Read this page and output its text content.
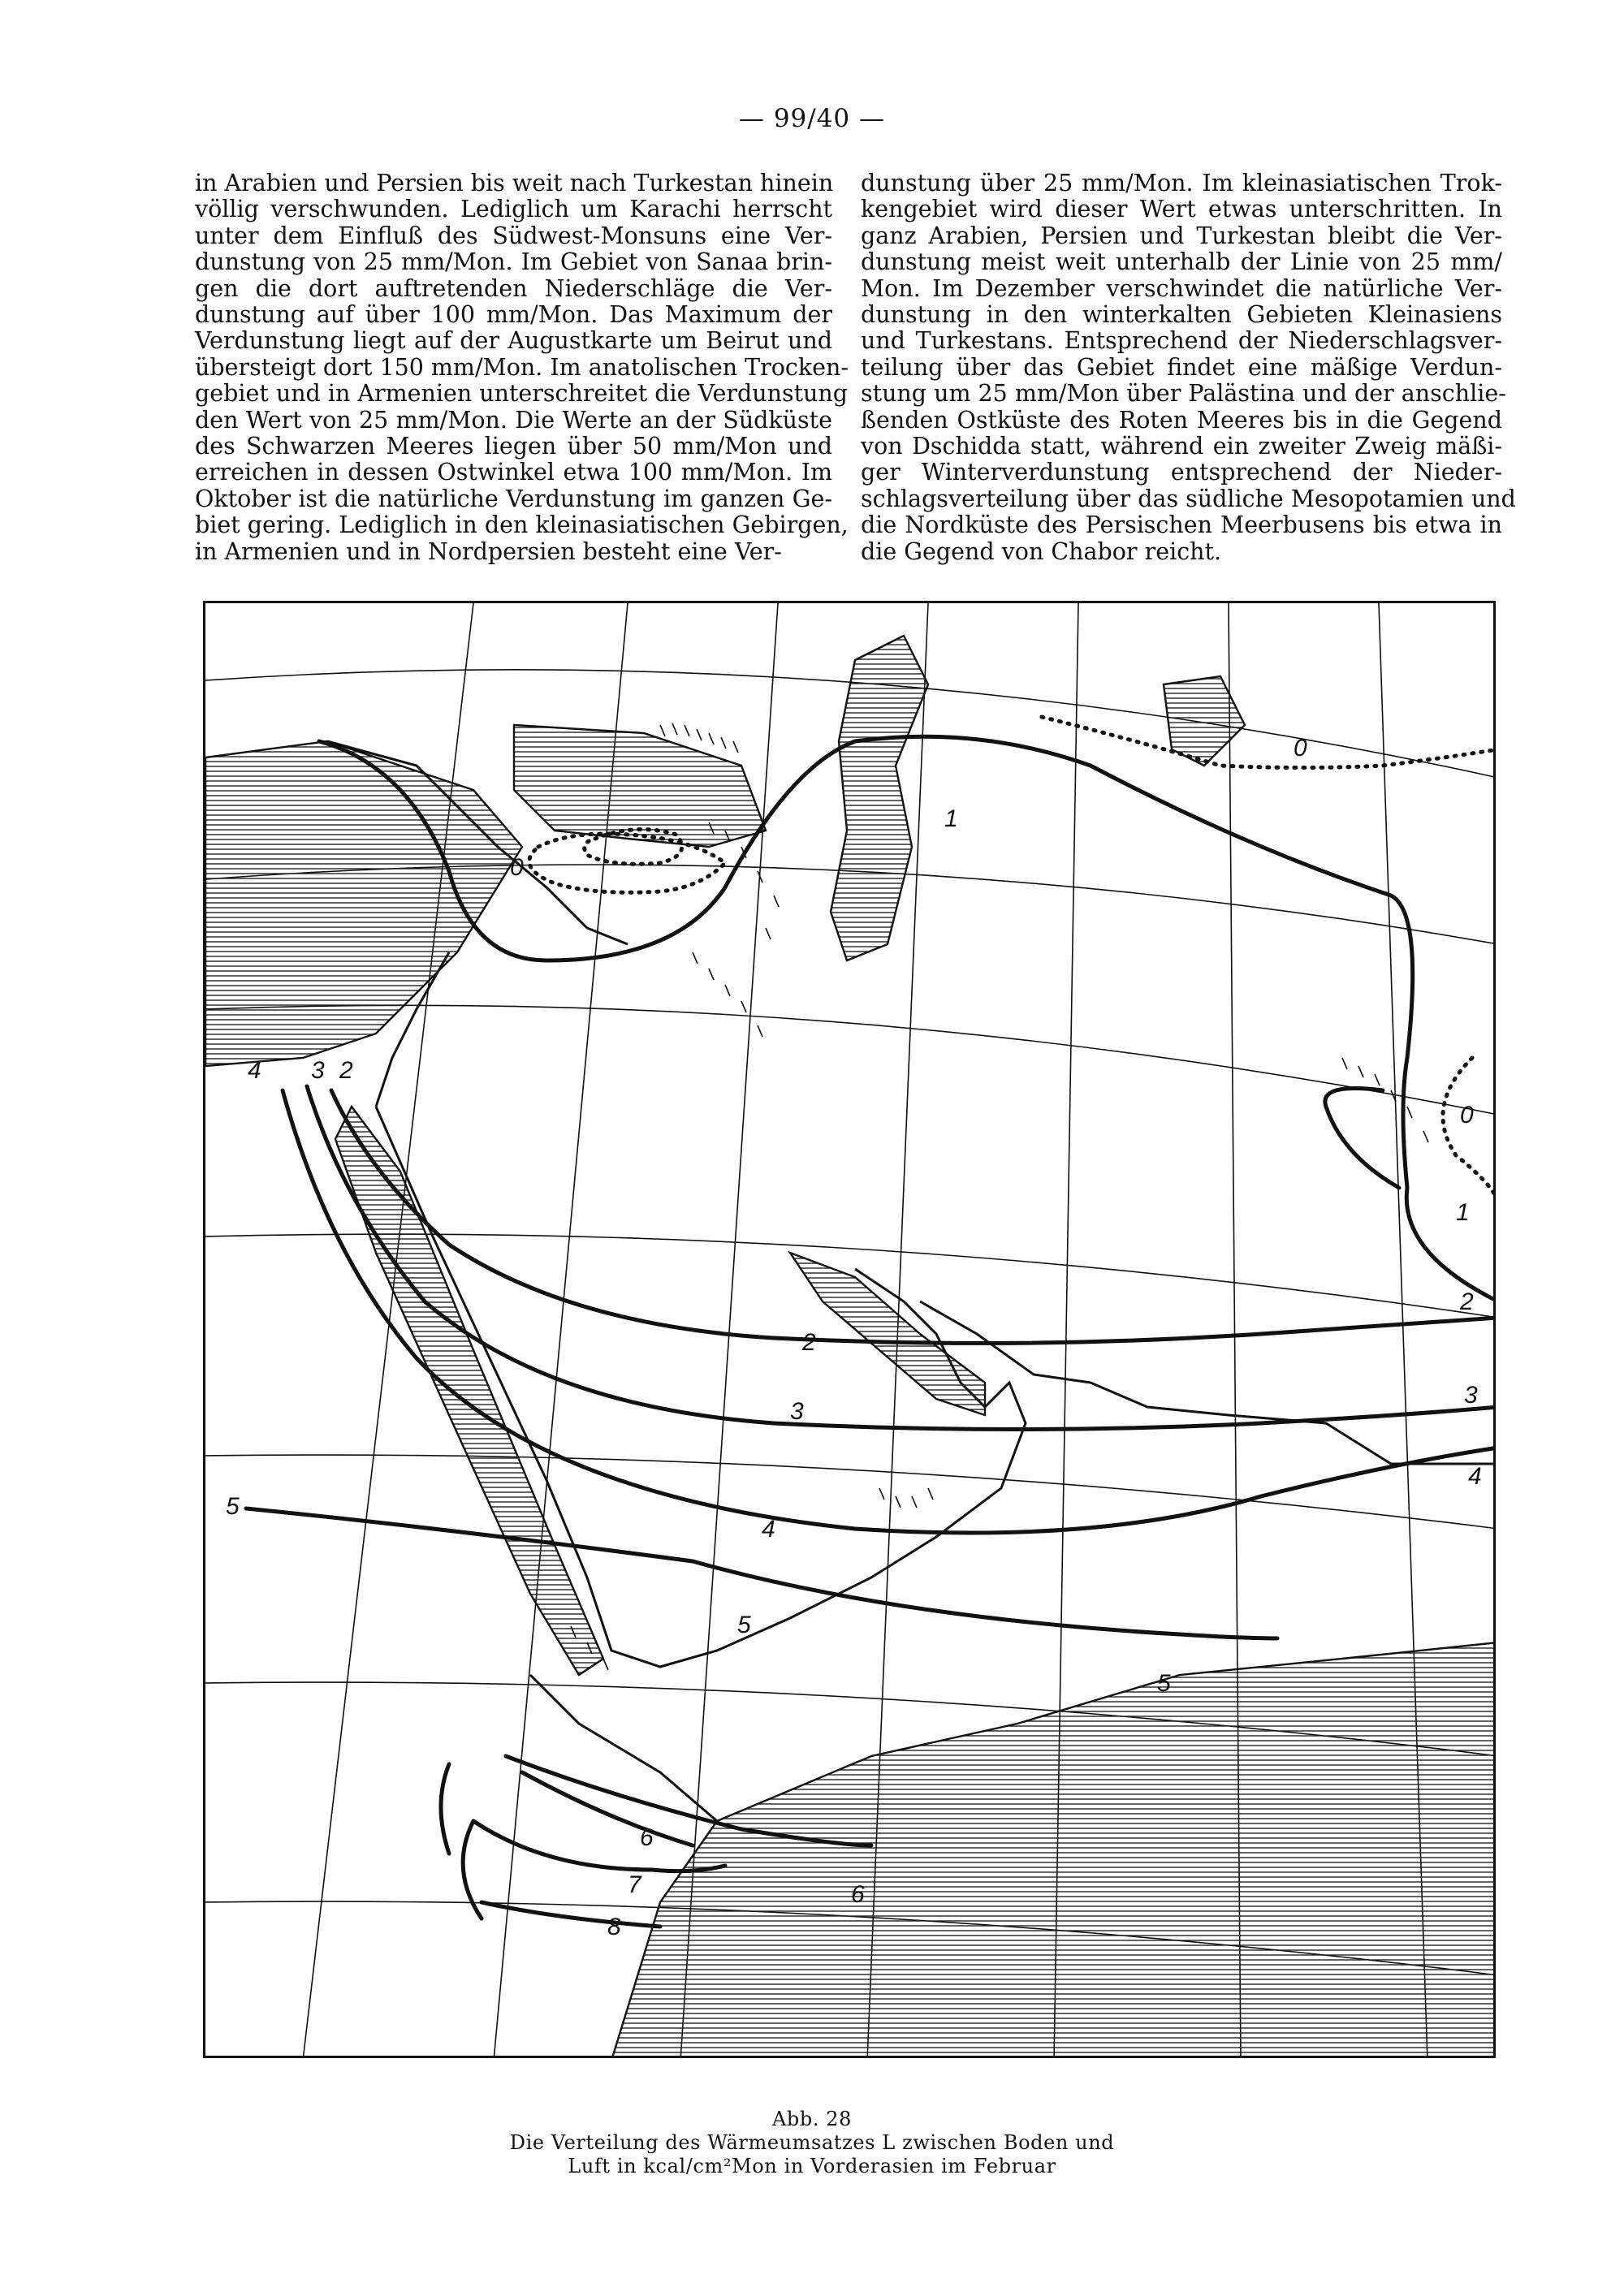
— 99/40 —
in Arabien und Persien bis weit nach Turkestan hinein
völlig verschwunden. Lediglich um Karachi herrscht
unter dem Einfluß des Südwest-Monsuns eine Ver-
dunstung von 25 mm/Mon. Im Gebiet von Sanaa brin-
gen die dort auftretenden Niederschläge die Ver-
dunstung auf über 100 mm/Mon. Das Maximum der
Verdunstung liegt auf der Augustkarte um Beirut und
übersteigt dort 150 mm/Mon. Im anatolischen Trocken-
gebiet und in Armenien unterschreitet die Verdunstung
den Wert von 25 mm/Mon. Die Werte an der Südküste
des Schwarzen Meeres liegen über 50 mm/Mon und
erreichen in dessen Ostwinkel etwa 100 mm/Mon. Im
Oktober ist die natürliche Verdunstung im ganzen Ge-
biet gering. Lediglich in den kleinasiatischen Gebirgen,
in Armenien und in Nordpersien besteht eine Ver-
dunstung über 25 mm/Mon. Im kleinasiatischen Trok-
kengebiet wird dieser Wert etwas unterschritten. In
ganz Arabien, Persien und Turkestan bleibt die Ver-
dunstung meist weit unterhalb der Linie von 25 mm/
Mon. Im Dezember verschwindet die natürliche Ver-
dunstung in den winterkalten Gebieten Kleinasiens
und Turkestans. Entsprechend der Niederschlagsver-
teilung über das Gebiet findet eine mäßige Verdun-
stung um 25 mm/Mon über Palästina und der anschlie-
ßenden Ostküste des Roten Meeres bis in die Gegend
von Dschidda statt, während ein zweiter Zweig mäßi-
ger Winterverdunstung entsprechend der Nieder-
schlagsverteilung über das südliche Mesopotamien und
die Nordküste des Persischen Meerbusens bis etwa in
die Gegend von Chabor reicht.
0
0
0
1
1
2
2
2
3
3
3
4
4
4
5
5
5
6
6
7
8
Abb. 28
Die Verteilung des Wärmeumsatzes L zwischen Boden und
Luft in kcal/cm²Mon in Vorderasien im Februar
